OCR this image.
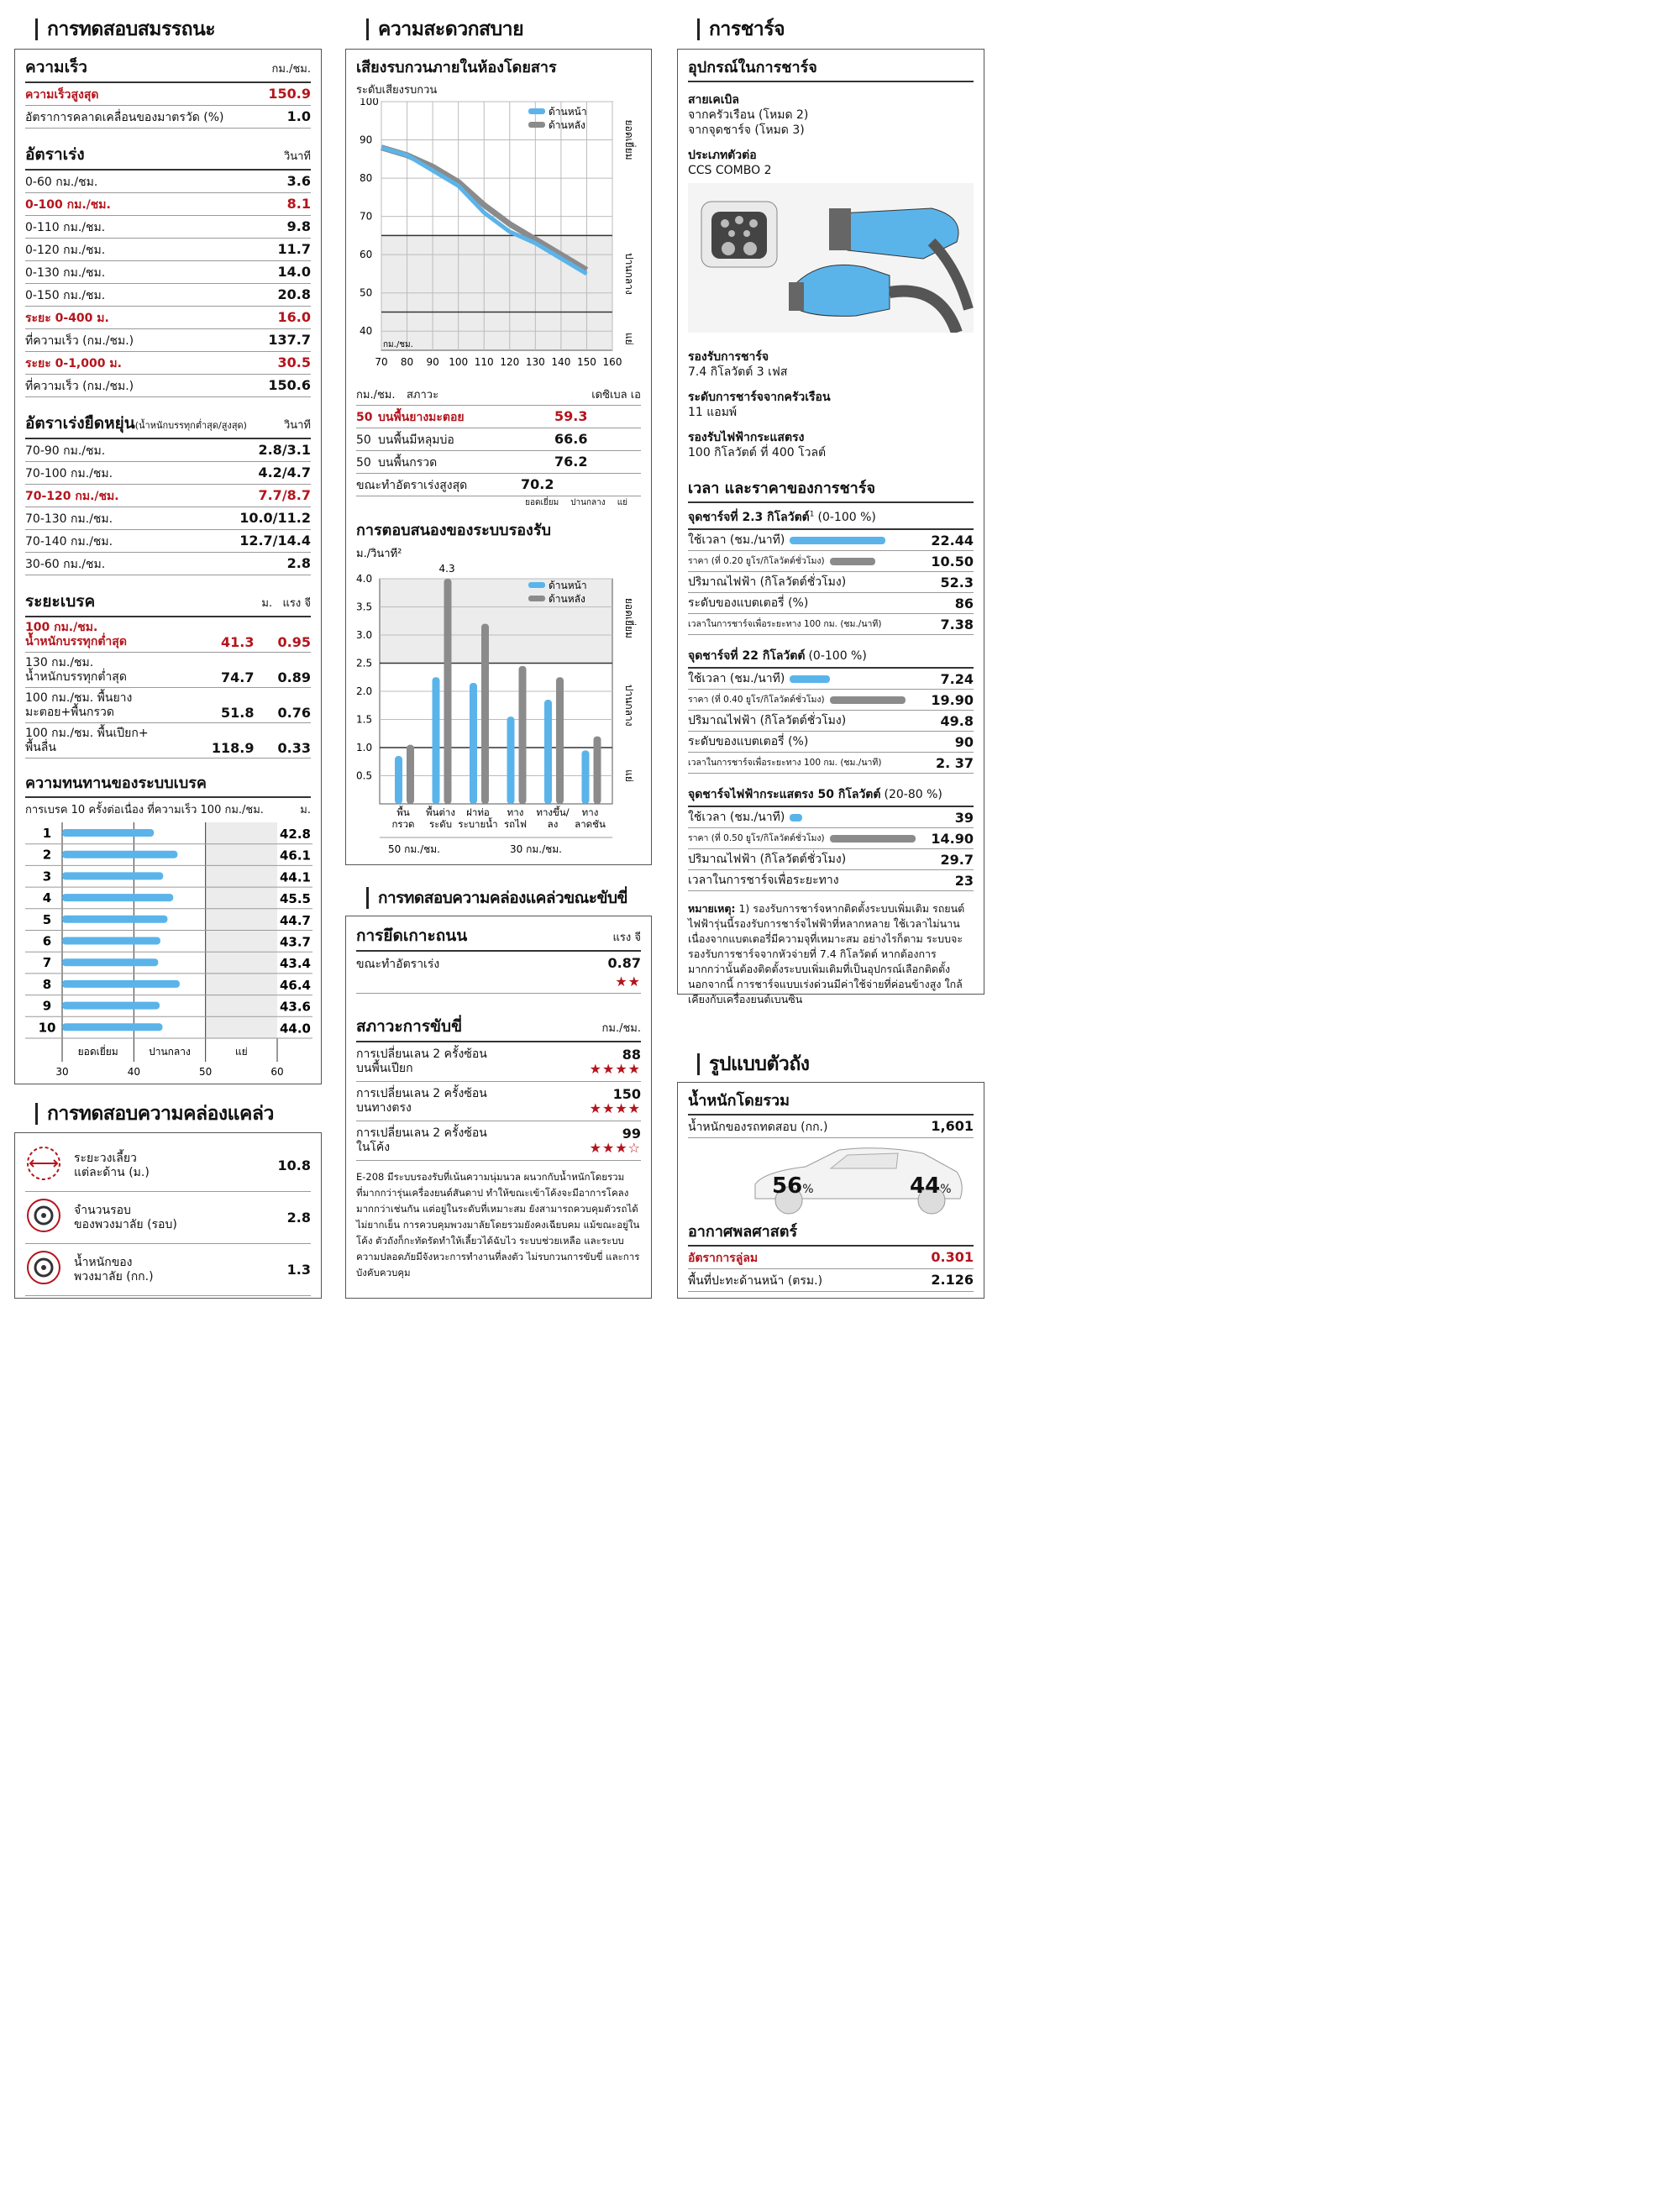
การทดสอบสมรรถนะ
ความเร็ว	กม./ชม.
ความเร็วสูงสุด	150.9
อัตราการคลาดเคลื่อนของมาตรวัด (%)	1.0
อัตราเร่ง	วินาที
0-60 กม./ชม.	3.6
0-100 กม./ชม.	8.1
0-110 กม./ชม.	9.8
0-120 กม./ชม.	11.7
0-130 กม./ชม.	14.0
0-150 กม./ชม.	20.8
ระยะ 0-400 ม.	16.0
ที่ความเร็ว (กม./ชม.)	137.7
ระยะ 0-1,000 ม.	30.5
ที่ความเร็ว (กม./ชม.)	150.6
อัตราเร่งยืดหยุ่น(น้ำหนักบรรทุกต่ำสุด/สูงสุด)	วินาที
70-90 กม./ชม.	2.8/3.1
70-100 กม./ชม.	4.2/4.7
70-120 กม./ชม.	7.7/8.7
70-130 กม./ชม.	10.0/11.2
70-140 กม./ชม.	12.7/14.4
30-60 กม./ชม.	2.8
ระยะเบรค	ม. แรง จี
100 กม./ชม.
น้ำหนักบรรทุกต่ำสุด	41.3 0.95
130 กม./ชม.
น้ำหนักบรรทุกต่ำสุด	74.7 0.89
100 กม./ชม. พื้นยาง
มะตอย+พื้นกรวด	51.8 0.76
100 กม./ชม. พื้นเปียก+
พื้นลื่น	118.9 0.33
ความทนทานของระบบเบรค
การเบรค 10 ครั้งต่อเนื่อง ที่ความเร็ว 100 กม./ชม.	ม.
1	42.8
2	46.1
3	44.1
4	45.5
5	44.7
6	43.7
7	43.4
8	46.4
9	43.6
10	44.0
ยอดเยี่ยม	ปานกลาง	แย่
30	40	50	60
การทดสอบความคล่องแคล่ว
ระยะวงเลี้ยว
แต่ละด้าน (ม.)	10.8
จำนวนรอบ
ของพวงมาลัย (รอบ)	2.8
น้ำหนักของ
พวงมาลัย (กก.)	1.3
ความสะดวกสบาย
เสียงรบกวนภายในห้องโดยสาร
ระดับเสียงรบกวน
70 80 90 100 110 120 130 140 150 160
40
50
60
70
80
90
100
กม./ชม.
ด้านหน้า
ด้านหลัง	ยอดเยี่ยม
ปานกลาง
แย่
กม./ชม.	สภาวะ	เดซิเบล เอ
50 บนพื้นยางมะตอย	59.3
50 บนพื้นมีหลุมบ่อ	66.6
50 บนพื้นกรวด	76.2
ขณะทำอัตราเร่งสูงสุด	70.2
ยอดเยี่ยม ปานกลาง แย่
การตอบสนองของระบบรองรับ
ม./วินาที²
0.5
1.0
1.5
2.0
2.5
3.0
3.5
4.0
4.3
พื้น
กรวด
พื้นต่าง
ระดับ
ฝาท่อ
ระบายน้ำ
ทาง
รถไฟ
ทางขึ้น/
ลง
ทาง
ลาดชัน
50 กม./ชม.	30 กม./ชม.
ด้านหน้า
ด้านหลัง	ยอดเยี่ยม
ปานกลาง
แย่
การทดสอบความคล่องแคล่วขณะขับขี่
การยึดเกาะถนน	แรง จี
ขณะทำอัตราเร่ง	0.87
★★
สภาวะการขับขี่	กม./ชม.
การเปลี่ยนเลน 2 ครั้งซ้อน
บนพื้นเปียก
88
★★★★
การเปลี่ยนเลน 2 ครั้งซ้อน
บนทางตรง
150
★★★★
การเปลี่ยนเลน 2 ครั้งซ้อน
ในโค้ง
99
★★★☆
E-208 มีระบบรองรับที่เน้นความนุ่มนวล ผนวกกับน้ำหนักโดยรวมที่มากกว่ารุ่นเครื่องยนต์สันดาป ทำให้ขณะเข้าโค้งจะมีอาการโคลงมากกว่าเช่นกัน แต่อยู่ในระดับที่เหมาะสม ยังสามารถควบคุมตัวรถได้ไม่ยากเย็น การควบคุมพวงมาลัยโดยรวมยังคงเฉียบคม แม้ขณะอยู่ในโค้ง ตัวถังก็กะทัดรัดทำให้เลี้ยวได้ฉับไว ระบบช่วยเหลือ และระบบความปลอดภัยมีจังหวะการทำงานที่ลงตัว ไม่รบกวนการขับขี่ และการบังคับควบคุม
การชาร์จ
อุปกรณ์ในการชาร์จ
สายเคเบิล
จากครัวเรือน (โหมด 2)
จากจุดชาร์จ (โหมด 3)
ประเภทตัวต่อ
CCS COMBO 2
รองรับการชาร์จ
7.4 กิโลวัตต์ 3 เฟส
ระดับการชาร์จจากครัวเรือน
11 แอมพ์
รองรับไฟฟ้ากระแสตรง
100 กิโลวัตต์ ที่ 400 โวลต์
เวลา และราคาของการชาร์จ
จุดชาร์จที่ 2.3 กิโลวัตต์$^1$ (0-100 %)
ใช้เวลา (ชม./นาที)	22.44
ราคา (ที่ 0.20 ยูโร/กิโลวัตต์ชั่วโมง)	10.50
ปริมาณไฟฟ้า (กิโลวัตต์ชั่วโมง)	52.3
ระดับของแบตเตอรี่ (%)	86
เวลาในการชาร์จเพื่อระยะทาง 100 กม. (ชม./นาที)	7.38
จุดชาร์จที่ 22 กิโลวัตต์ (0-100 %)
ใช้เวลา (ชม./นาที)	7.24
ราคา (ที่ 0.40 ยูโร/กิโลวัตต์ชั่วโมง)	19.90
ปริมาณไฟฟ้า (กิโลวัตต์ชั่วโมง)	49.8
ระดับของแบตเตอรี่ (%)	90
เวลาในการชาร์จเพื่อระยะทาง 100 กม. (ชม./นาที)	2. 37
จุดชาร์จไฟฟ้ากระแสตรง 50 กิโลวัตต์ (20-80 %)
ใช้เวลา (ชม./นาที)	39
ราคา (ที่ 0.50 ยูโร/กิโลวัตต์ชั่วโมง)	14.90
ปริมาณไฟฟ้า (กิโลวัตต์ชั่วโมง)	29.7
เวลาในการชาร์จเพื่อระยะทาง	23
หมายเหตุ: 1) รองรับการชาร์จหากติดตั้งระบบเพิ่มเติม รถยนต์ไฟฟ้ารุ่นนี้รองรับการชาร์จไฟฟ้าที่หลากหลาย ใช้เวลาไม่นานเนื่องจากแบตเตอรี่มีความจุที่เหมาะสม อย่างไรก็ตาม ระบบจะรองรับการชาร์จจากหัวจ่ายที่ 7.4 กิโลวัตต์ หากต้องการมากกว่านั้นต้องติดตั้งระบบเพิ่มเติมที่เป็นอุปกรณ์เลือกติดตั้ง นอกจากนี้ การชาร์จแบบเร่งด่วนมีค่าใช้จ่ายที่ค่อนข้างสูง ใกล้เคียงกับเครื่องยนต์เบนซิน
รูปแบบตัวถัง
น้ำหนักโดยรวม
น้ำหนักของรถทดสอบ (กก.)	1,601
56%	44%
อากาศพลศาสตร์
อัตราการลู่ลม	0.301
พื้นที่ปะทะด้านหน้า (ตรม.)	2.126
